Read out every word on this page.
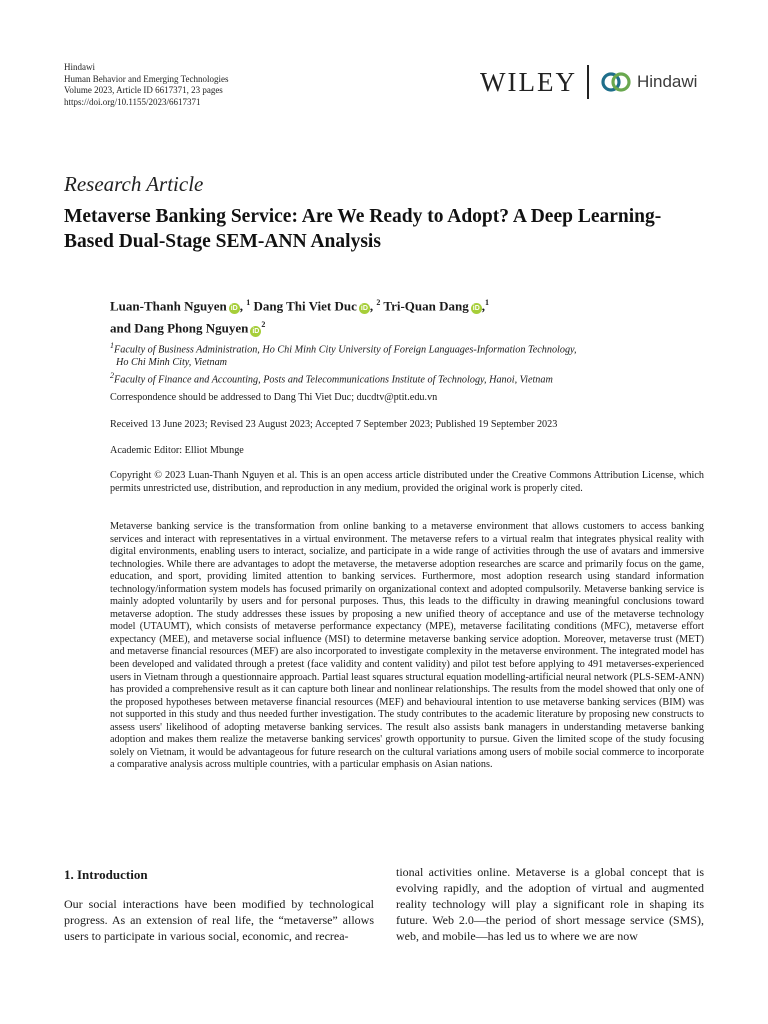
Hindawi
Human Behavior and Emerging Technologies
Volume 2023, Article ID 6617371, 23 pages
https://doi.org/10.1155/2023/6617371
WILEY	Hindawi
Research Article
Metaverse Banking Service: Are We Ready to Adopt? A Deep Learning-Based Dual-Stage SEM-ANN Analysis
Luan-Thanh Nguyen iD , $^1$ Dang Thi Viet Duc iD , $^2$ Tri-Quan Dang iD ,$^1$
and Dang Phong Nguyen $iD^2$
$^1$Faculty of Business Administration, Ho Chi Minh City University of Foreign Languages-Information Technology,
Ho Chi Minh City, Vietnam
$^2$Faculty of Finance and Accounting, Posts and Telecommunications Institute of Technology, Hanoi, Vietnam
Correspondence should be addressed to Dang Thi Viet Duc; ducdtv@ptit.edu.vn
Received 13 June 2023; Revised 23 August 2023; Accepted 7 September 2023; Published 19 September 2023
Academic Editor: Elliot Mbunge
Copyright © 2023 Luan-Thanh Nguyen et al. This is an open access article distributed under the Creative Commons Attribution License, which permits unrestricted use, distribution, and reproduction in any medium, provided the original work is properly cited.
Metaverse banking service is the transformation from online banking to a metaverse environment that allows customers to access banking services and interact with representatives in a virtual environment. The metaverse refers to a virtual realm that integrates physical reality with digital environments, enabling users to interact, socialize, and participate in a wide range of activities through the use of avatars and immersive technologies. While there are advantages to adopt the metaverse, the metaverse adoption researches are scarce and primarily focus on the game, education, and sport, providing limited attention to banking services. Furthermore, most adoption research using standard information technology/information system models has focused primarily on organizational context and adopted compulsorily. Metaverse banking service is mainly adopted voluntarily by users and for personal purposes. Thus, this leads to the difficulty in drawing meaningful conclusions toward metaverse adoption. The study addresses these issues by proposing a new unified theory of acceptance and use of the metaverse technology model (UTAUMT), which consists of metaverse performance expectancy (MPE), metaverse facilitating conditions (MFC), metaverse effort expectancy (MEE), and metaverse social influence (MSI) to determine metaverse banking service adoption. Moreover, metaverse trust (MET) and metaverse financial resources (MEF) are also incorporated to investigate complexity in the metaverse environment. The integrated model has been developed and validated through a pretest (face validity and content validity) and pilot test before applying to 491 metaverses-experienced users in Vietnam through a questionnaire approach. Partial least squares structural equation modelling-artificial neural network (PLS-SEM-ANN) has provided a comprehensive result as it can capture both linear and nonlinear relationships. The results from the model showed that only one of the proposed hypotheses between metaverse financial resources (MEF) and behavioural intention to use metaverse banking services (BIM) was not supported in this study and thus needed further investigation. The study contributes to the academic literature by proposing new constructs to assess users' likelihood of adopting metaverse banking services. The result also assists bank managers in understanding metaverse banking adoption and makes them realize the metaverse banking services' growth opportunity to pursue. Given the limited scope of the study focusing solely on Vietnam, it would be advantageous for future research on the cultural variations among users of mobile social commerce to incorporate a comparative analysis across multiple countries, with a particular emphasis on Asian nations.
1. Introduction
Our social interactions have been modified by technological progress. As an extension of real life, the “metaverse” allows users to participate in various social, economic, and recrea-
tional activities online. Metaverse is a global concept that is evolving rapidly, and the adoption of virtual and augmented reality technology will play a significant role in shaping its future. Web 2.0—the period of short message service (SMS), web, and mobile—has led us to where we are now
